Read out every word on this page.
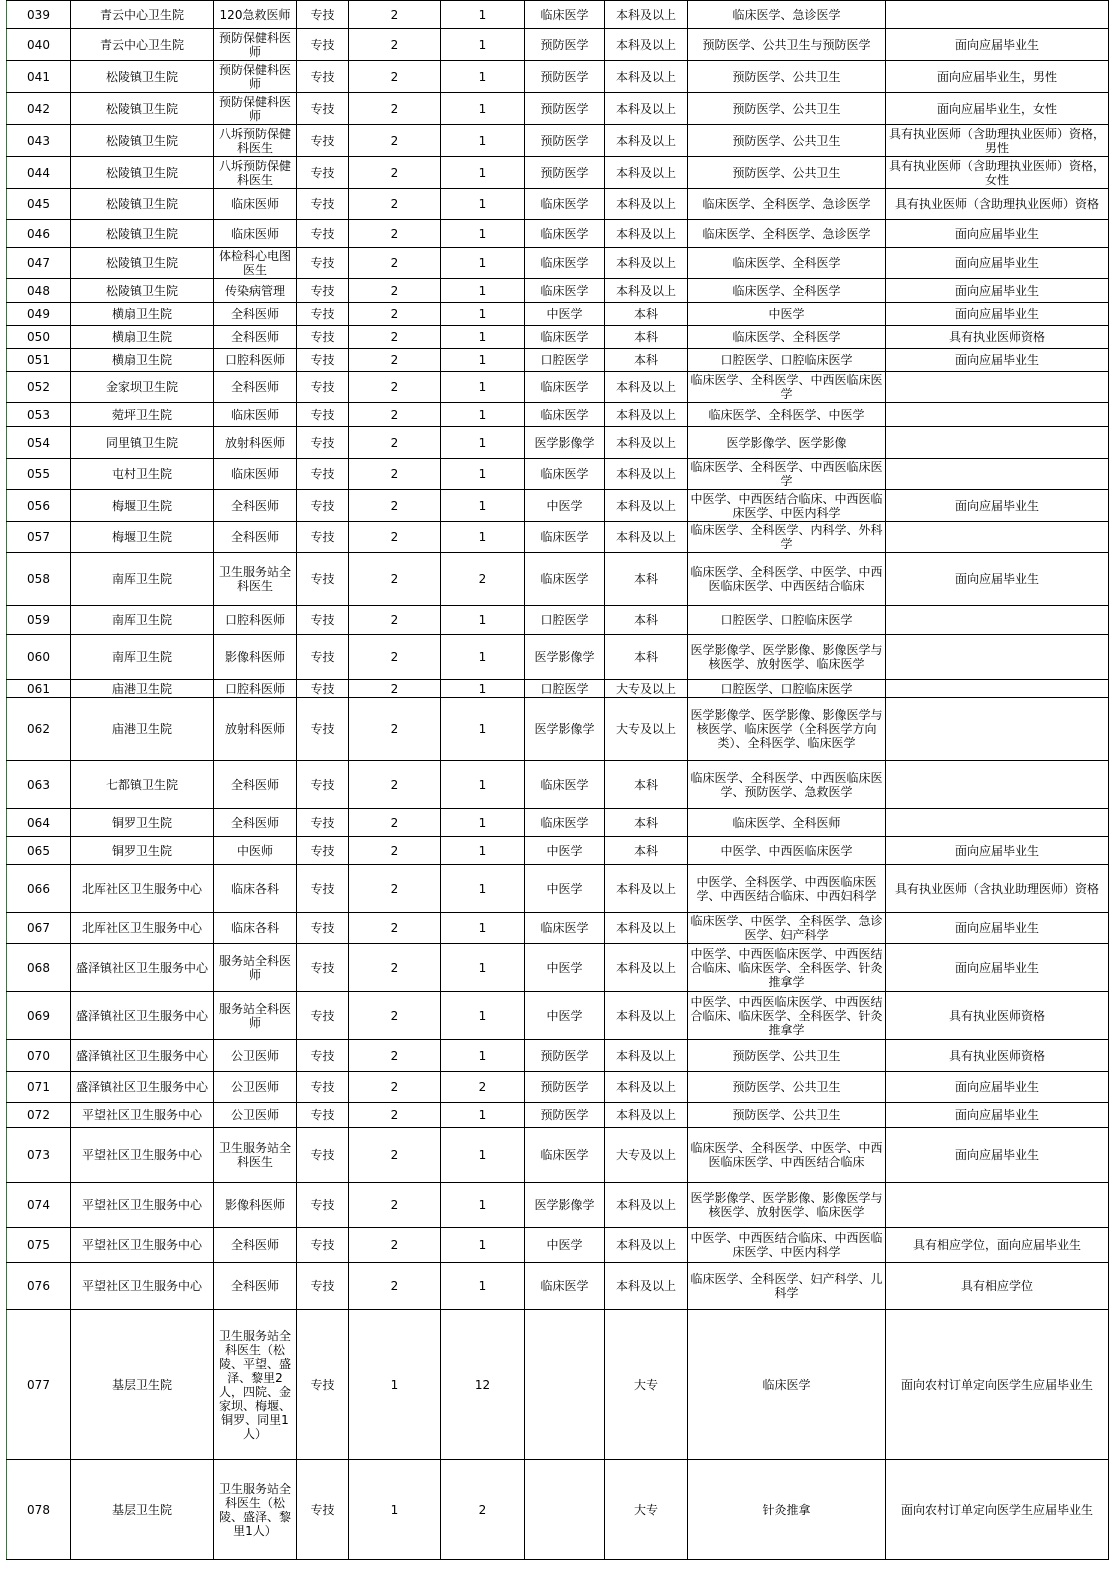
039	青云中心卫生院	120急救医师	专技	2	1	临床医学	本科及以上	临床医学、急诊医学	
040	青云中心卫生院	预防保健科医师	专技	2	1	预防医学	本科及以上	预防医学、公共卫生与预防医学	面向应届毕业生
041	松陵镇卫生院	预防保健科医师	专技	2	1	预防医学	本科及以上	预防医学、公共卫生	面向应届毕业生，男性
042	松陵镇卫生院	预防保健科医师	专技	2	1	预防医学	本科及以上	预防医学、公共卫生	面向应届毕业生，女性
043	松陵镇卫生院	八坼预防保健科医生	专技	2	1	预防医学	本科及以上	预防医学、公共卫生	具有执业医师（含助理执业医师）资格，男性
044	松陵镇卫生院	八坼预防保健科医生	专技	2	1	预防医学	本科及以上	预防医学、公共卫生	具有执业医师（含助理执业医师）资格，女性
045	松陵镇卫生院	临床医师	专技	2	1	临床医学	本科及以上	临床医学、全科医学、急诊医学	具有执业医师（含助理执业医师）资格
046	松陵镇卫生院	临床医师	专技	2	1	临床医学	本科及以上	临床医学、全科医学、急诊医学	面向应届毕业生
047	松陵镇卫生院	体检科心电图医生	专技	2	1	临床医学	本科及以上	临床医学、全科医学	面向应届毕业生
048	松陵镇卫生院	传染病管理	专技	2	1	临床医学	本科及以上	临床医学、全科医学	面向应届毕业生
049	横扇卫生院	全科医师	专技	2	1	中医学	本科	中医学	面向应届毕业生
050	横扇卫生院	全科医师	专技	2	1	临床医学	本科	临床医学、全科医学	具有执业医师资格
051	横扇卫生院	口腔科医师	专技	2	1	口腔医学	本科	口腔医学、口腔临床医学	面向应届毕业生
052	金家坝卫生院	全科医师	专技	2	1	临床医学	本科及以上	临床医学、全科医学、中西医临床医学	
053	菀坪卫生院	临床医师	专技	2	1	临床医学	本科及以上	临床医学、全科医学、中医学	
054	同里镇卫生院	放射科医师	专技	2	1	医学影像学	本科及以上	医学影像学、医学影像	
055	屯村卫生院	临床医师	专技	2	1	临床医学	本科及以上	临床医学、全科医学、中西医临床医学	
056	梅堰卫生院	全科医师	专技	2	1	中医学	本科及以上	中医学、中西医结合临床、中西医临床医学、中医内科学	面向应届毕业生
057	梅堰卫生院	全科医师	专技	2	1	临床医学	本科及以上	临床医学、全科医学、内科学、外科学	
058	南厍卫生院	卫生服务站全科医生	专技	2	2	临床医学	本科	临床医学、全科医学、中医学、中西医临床医学、中西医结合临床	面向应届毕业生
059	南厍卫生院	口腔科医师	专技	2	1	口腔医学	本科	口腔医学、口腔临床医学	
060	南厍卫生院	影像科医师	专技	2	1	医学影像学	本科	医学影像学、医学影像、影像医学与核医学、放射医学、临床医学	
061	庙港卫生院	口腔科医师	专技	2	1	口腔医学	大专及以上	口腔医学、口腔临床医学	
062	庙港卫生院	放射科医师	专技	2	1	医学影像学	大专及以上	医学影像学、医学影像、影像医学与核医学、临床医学（全科医学方向类）、全科医学、临床医学	
063	七都镇卫生院	全科医师	专技	2	1	临床医学	本科	临床医学、全科医学、中西医临床医学、预防医学、急救医学	
064	铜罗卫生院	全科医师	专技	2	1	临床医学	本科	临床医学、全科医师	
065	铜罗卫生院	中医师	专技	2	1	中医学	本科	中医学、中西医临床医学	面向应届毕业生
066	北厍社区卫生服务中心	临床各科	专技	2	1	中医学	本科及以上	中医学、全科医学、中西医临床医学、中西医结合临床、中西妇科学	具有执业医师（含执业助理医师）资格
067	北厍社区卫生服务中心	临床各科	专技	2	1	临床医学	本科及以上	临床医学、中医学、全科医学、急诊医学、妇产科学	面向应届毕业生
068	盛泽镇社区卫生服务中心	服务站全科医师	专技	2	1	中医学	本科及以上	中医学、中西医临床医学、中西医结合临床、临床医学、全科医学、针灸推拿学	面向应届毕业生
069	盛泽镇社区卫生服务中心	服务站全科医师	专技	2	1	中医学	本科及以上	中医学、中西医临床医学、中西医结合临床、临床医学、全科医学、针灸推拿学	具有执业医师资格
070	盛泽镇社区卫生服务中心	公卫医师	专技	2	1	预防医学	本科及以上	预防医学、公共卫生	具有执业医师资格
071	盛泽镇社区卫生服务中心	公卫医师	专技	2	2	预防医学	本科及以上	预防医学、公共卫生	面向应届毕业生
072	平望社区卫生服务中心	公卫医师	专技	2	1	预防医学	本科及以上	预防医学、公共卫生	面向应届毕业生
073	平望社区卫生服务中心	卫生服务站全科医生	专技	2	1	临床医学	大专及以上	临床医学、全科医学、中医学、中西医临床医学、中西医结合临床	面向应届毕业生
074	平望社区卫生服务中心	影像科医师	专技	2	1	医学影像学	本科及以上	医学影像学、医学影像、影像医学与核医学、放射医学、临床医学	
075	平望社区卫生服务中心	全科医师	专技	2	1	中医学	本科及以上	中医学、中西医结合临床、中西医临床医学、中医内科学	具有相应学位，面向应届毕业生
076	平望社区卫生服务中心	全科医师	专技	2	1	临床医学	本科及以上	临床医学、全科医学、妇产科学、儿科学	具有相应学位
077	基层卫生院	卫生服务站全科医生（松陵、平望、盛泽、黎里2人，四院、金家坝、梅堰、铜罗、同里1人）	专技	1	12		大专	临床医学	面向农村订单定向医学生应届毕业生
078	基层卫生院	卫生服务站全科医生（松陵、盛泽、黎里1人）	专技	1	2		大专	针灸推拿	面向农村订单定向医学生应届毕业生
